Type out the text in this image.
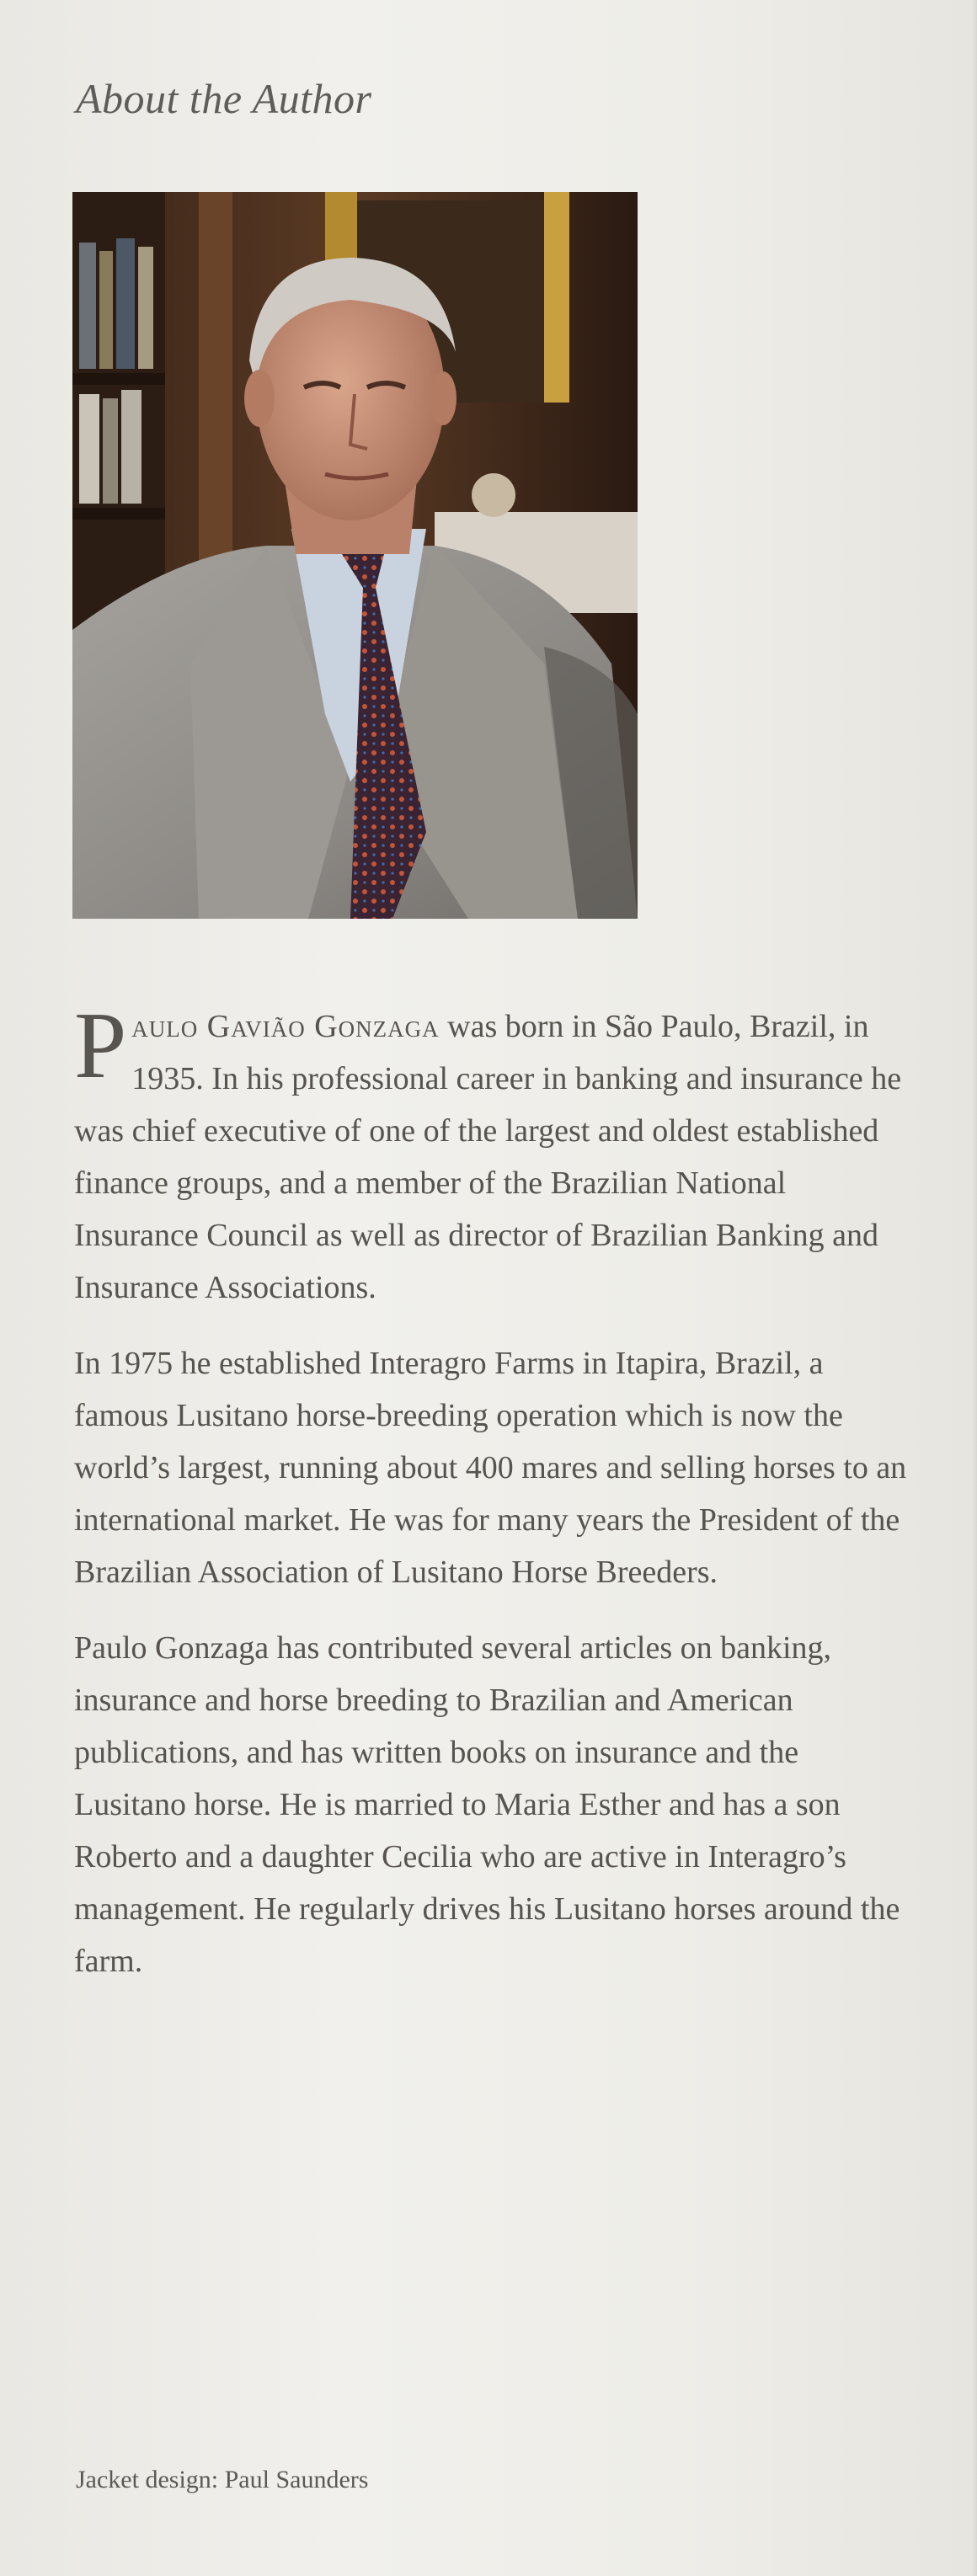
About the Author

Paulo Gavião Gonzaga was born in São Paulo, Brazil, in 1935. In his professional career in banking and insurance he was chief executive of one of the largest and oldest established finance groups, and a member of the Brazilian National Insurance Council as well as director of Brazilian Banking and Insurance Associations.

In 1975 he established Interagro Farms in Itapira, Brazil, a famous Lusitano horse-breeding operation which is now the world’s largest, running about 400 mares and selling horses to an international market. He was for many years the President of the Brazilian Association of Lusitano Horse Breeders.

Paulo Gonzaga has contributed several articles on banking, insurance and horse breeding to Brazilian and American publications, and has written books on insurance and the Lusitano horse. He is married to Maria Esther and has a son Roberto and a daughter Cecilia who are active in Interagro’s management. He regularly drives his Lusitano horses around the farm.

Jacket design: Paul Saunders
